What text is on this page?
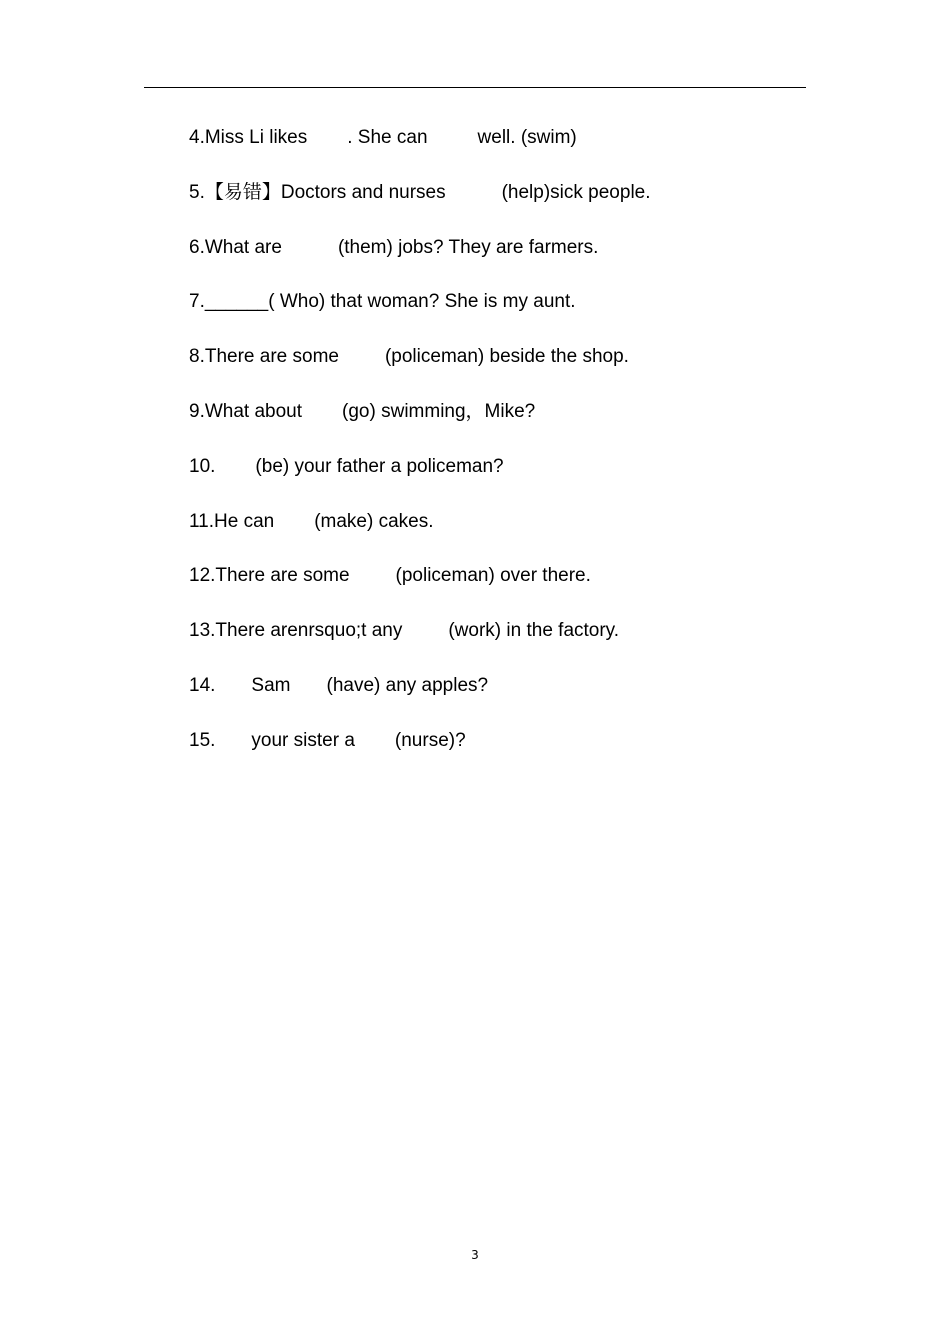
4.Miss Li likes . She can	well. (swim)
5.【易错】Doctors and nurses	(help)sick people.
6.What are	(them) jobs? They are farmers.
7.______( Who) that woman? She is my aunt.
8.There are some (policeman) beside the shop.
9.What about (go) swimming，Mike?
10. (be) your father a policeman?
11.He can (make) cakes.
12.There are some (policeman) over there.
13.There arenrsquo;t any (work) in the factory.
14. Sam (have) any apples?
15. your sister a (nurse)?
3
